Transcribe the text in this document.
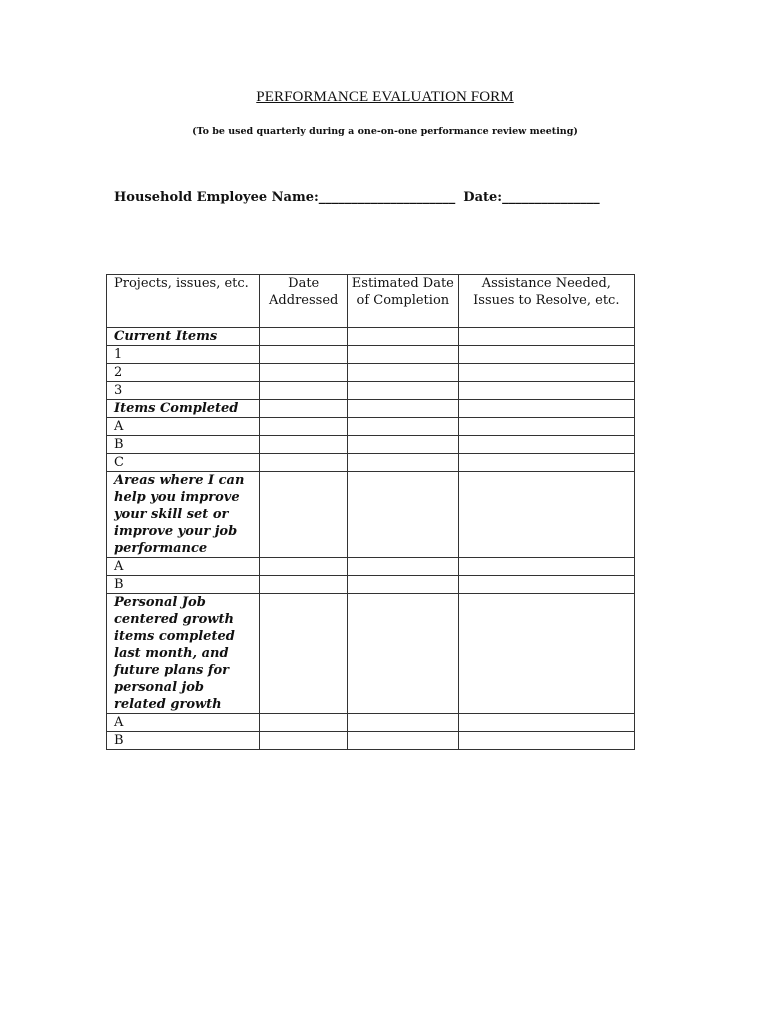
PERFORMANCE EVALUATION FORM
(To be used quarterly during a one-on-one performance review meeting)
Household Employee Name:_____________________ Date:_______________
Projects, issues, etc.	Date Addressed	Estimated Date of Completion	Assistance Needed, Issues to Resolve, etc.
Current Items			
1			
2			
3			
Items Completed			
A			
B			
C			
Areas where I can help you improve your skill set or improve your job performance			
A			
B			
Personal Job centered growth items completed last month, and future plans for personal job related growth			
A			
B			
